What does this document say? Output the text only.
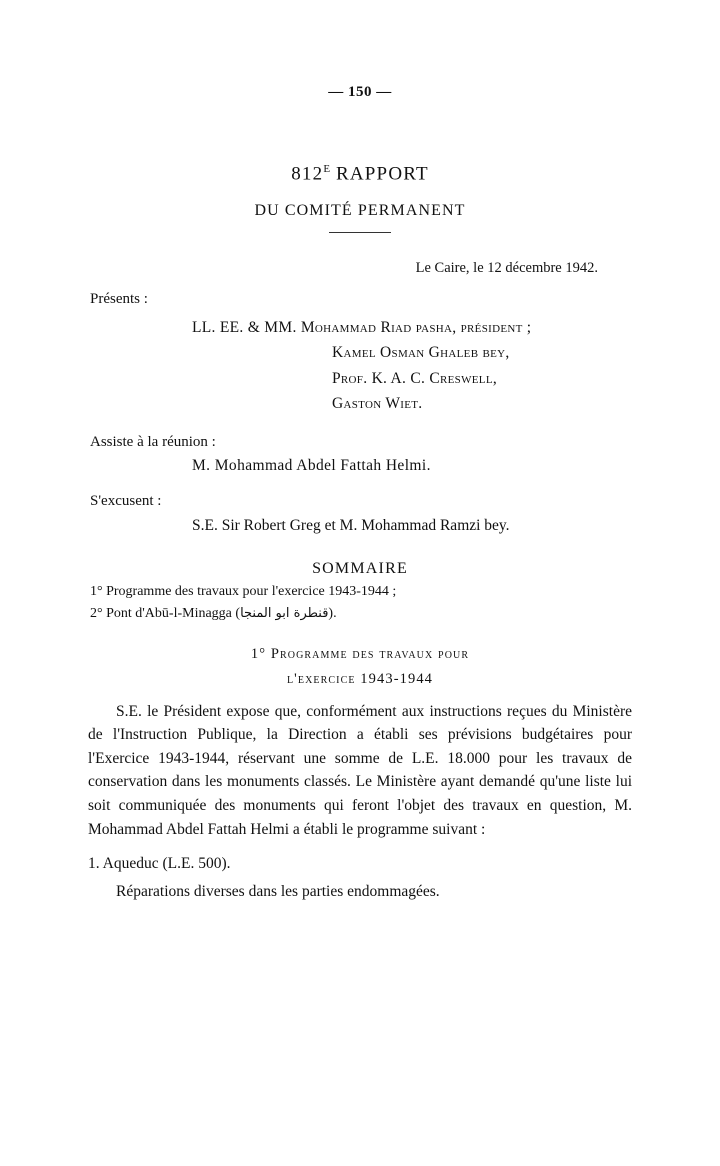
— 150 —
$812^E$ RAPPORT
DU COMITÉ PERMANENT
Le Caire, le 12 décembre 1942.
Présents :
LL. EE. & MM. Mohammad Riad pasha, président ;
Kamel Osman Ghaleb bey,
Prof. K. A. C. Creswell,
Gaston Wiet.
Assiste à la réunion :
M. Mohammad Abdel Fattah Helmi.
S'excusent :
S.E. Sir Robert Greg et M. Mohammad Ramzi bey.
SOMMAIRE
1° Programme des travaux pour l'exercice 1943-1944 ;
2° Pont d'Abū-l-Minagga (قنطرة ابو المنجا).
1° Programme des travaux pour
l'exercice 1943-1944
S.E. le Président expose que, conformément aux instructions reçues du Ministère de l'Instruction Publique, la Direction a établi ses prévisions budgétaires pour l'Exercice 1943-1944, réservant une somme de L.E. 18.000 pour les travaux de conservation dans les monuments classés. Le Ministère ayant demandé qu'une liste lui soit communiquée des monuments qui feront l'objet des travaux en question, M. Mohammad Abdel Fattah Helmi a établi le programme suivant :
1. Aqueduc (L.E. 500).
Réparations diverses dans les parties endommagées.
